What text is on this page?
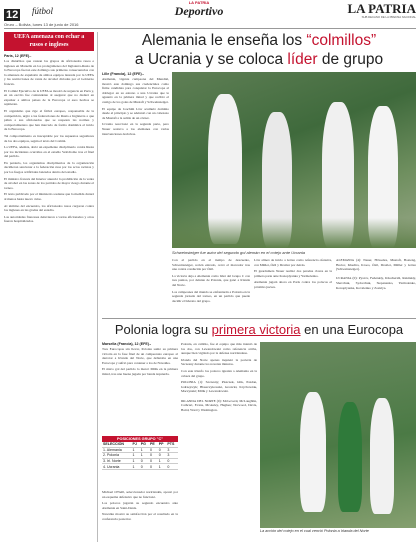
12 fútbol
LA PATRIA
Deportivo	LA PATRIA
SUB DECANO DE LA PRENSA NACIONAL
Oruro – Bolivia, lunes 13 de junio de 2016
UEFA amenaza con echar a rusos e ingleses
París, 12 (EFE).-

Los disturbios que causan los grupos de aficionados rusos e ingleses en Marsella en los prolegómenos del Inglaterra-Rusia de la Eurocopa fueron este domingo sus primeras consecuencias con la amenaza de expulsión de ambos equipos lanzada por la UEFA y las restricciones de venta de alcohol dictadas por el Gobierno francés.

El Comité Ejecutivo de la UEFA se mostró de urgencia en París y, en un escrito fue contundente al asegurar que no dudará en expulsar a ambos países de la Eurocopa si esos hechos se repitieran.

El organismo que rige el fútbol europeo, responsable de la competición, urgió a las federaciones de Rusia e Inglaterra a que pidan a sus aficionados que se respeten las normas y comportamientos que han marcado de forma dramática el inicio de la Eurocopa.

Tal comportamiento es inaceptable por los supuestos seguidores de los dos equipos, según el texto del Comité.

La UEFA, además, abrió un expediente disciplinario contra Rusia por los incidentes ocurridos en el estadio Velódromo tras el final del partido.

En paralelo, los organismos disciplinarios de la organización decidieron sancionar a la federación rusa por los actos racistas y por los fuegos artificiales lanzados dentro del estadio.

El ministro francés del Interior anunció la prohibición de la venta de alcohol en las zonas de los partidos de mayor riesgo durante el torneo.

El texto publicado por el ministerio sostiene que la medida durará al menos hasta nuevo aviso.

Al término del encuentro, los aficionados rusos cargaron contra los ingleses en las gradas del estadio.

Las autoridades francesas detuvieron a varios aficionados y otros fueron hospitalizados.

Alemania le enseña los “colmillos”
a Ucrania y se coloca líder de grupo
Lille (Francia), 12 (EFE).-

Alemania, vigente campeona del Mundial, mostró este domingo sus credenciales como firme candidata para conquistar la Eurocopa al doblegar en su estreno a una Ucrania que le aguantó en la primera mitad y que recibió el castigo de los goles de Mustafi y Schweinsteiger.

El equipo de Joachim Löw acumuló dominio desde el principio y se adelantó con un cabezazo de Mustafi a la salida de un córner.

Ucrania reaccionó en la segunda parte, pero Neuer sostuvo a los alemanes con varias intervenciones decisivas.

Schweinsteiger fue autor del segundo gol alemán en el cotejo ante Ucrania

Con el partido en el tiempo de descuento, Schweinsteiger, recién entrado, cerró el marcador tras una contra conducida por Özil.

La victoria deja a Alemania como líder del Grupo C con tres puntos, por delante de Polonia, que ganó a Irlanda del Norte.

Los campeones del mundo se enfrentarán a Polonia en la segunda jornada del torneo, en un partido que puede decidir el liderato del grupo.

Löw alineó de inicio a Götze como referencia ofensiva, con Müller, Özil y Draxler por detrás.

El guardameta Neuer realizó dos paradas claves en la primera parte ante Konoplyanka y Yarmolenko.

Alemania jugará ahora en París contra los polacos el próximo jueves.

ALEMANIA (4): Neuer, Höwedes, Mustafi, Boateng, Hector, Khedira, Kroos, Özil, Draxler, Müller y Götze (Schweinsteiger).

UCRANIA (0): Pyatov, Fedetskiy, Khacheridi, Rakitskiy, Shevchuk, Sydorchuk, Stepanenko, Yarmolenko, Konoplyanka, Kovalenko y Zozulya.
Polonia logra su primera victoria en una Eurocopa
Marsella (Francia), 12 (EFE).-

Tres Eurocopas sin llevar, Polonia sumó su primera victoria en la fase final de un campeonato europeo al derrotar a Irlanda del Norte, que debutaba en una Eurocopa y sufrió para contener a los de Nawalka.

El único gol del partido lo marcó Milik en la primera mitad, tras una buena jugada por banda izquierda.

Polonia, en cambio, fue el equipo que más intentó de los dos, con Lewandowski como referencia arriba, aunque bien vigilado por la defensa norirlandesa.

Irlanda del Norte apenas inquietó la portería de Szczesny durante los noventa minutos.

Con este triunfo los polacos igualan a Alemania en la cabeza del grupo.

POLONIA (1): Szczesny; Piszczek, Glik, Pazdan, Jedrzejczyk; Blaszczykowski, Grosicki, Krychowiak, Maczynski; Milik y Lewandowski.

IRLANDA DEL NORTE (0): McGovern; McLaughlin, Cathcart, Evans, McAuley, Hughes; Norwood, Davis, Baird, Ward y Washington.

POSICIONES GRUPO "C"
SELECCIÓN	PJ	PG	PE	PP	PTS
1. Alemania	1	1	0	0	3
2. Polonia	1	1	0	0	3
3. Irl. Norte	1	0	0	1	0
4. Ucrania	1	0	0	1	0
La acción del cotejo en el cual venció Polonia a Irlanda del Norte

Michael O'Neill, seleccionador norirlandés, apostó por un esquema defensivo que no funcionó.

Los polacos jugarán su segundo encuentro ante Alemania en Saint-Denis.

Nawalka mostró su satisfacción por el resultado en la conferencia posterior.
